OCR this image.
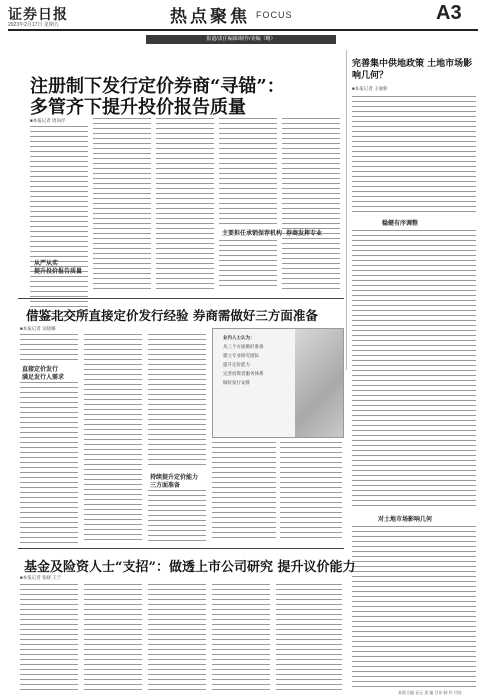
证券日报
2023年2月17日 星期五	热点聚焦 FOCUS	A3
报道/责任编辑/制作/美编（略）
注册制下发行定价券商“寻锚”：
多管齐下提升投价报告质量
■本报记者 周尚伃
从严从实
提升投价报告质量
主要担任承销保荐机构 券商发挥专业
完善集中供地政策 土地市场影响几何？
■本报记者 王丽新
稳健有序调整
对土地市场影响几何
借鉴北交所直接定价发行经验 券商需做好三方面准备
■本报记者 吴晓璐
直接定价发行
满足发行人需求
持续提升定价能力
三方面准备
业内人士认为：
从三个方面做好准备
建立专业研究团队
提升定价能力
完善投资者服务体系
做好发行安排
基金及险资人士“支招”：做透上市公司研究 提升议价能力
■本报记者 张晓 王宁
本版主编 袁元 责 编 吕东 制 作 闫亮
